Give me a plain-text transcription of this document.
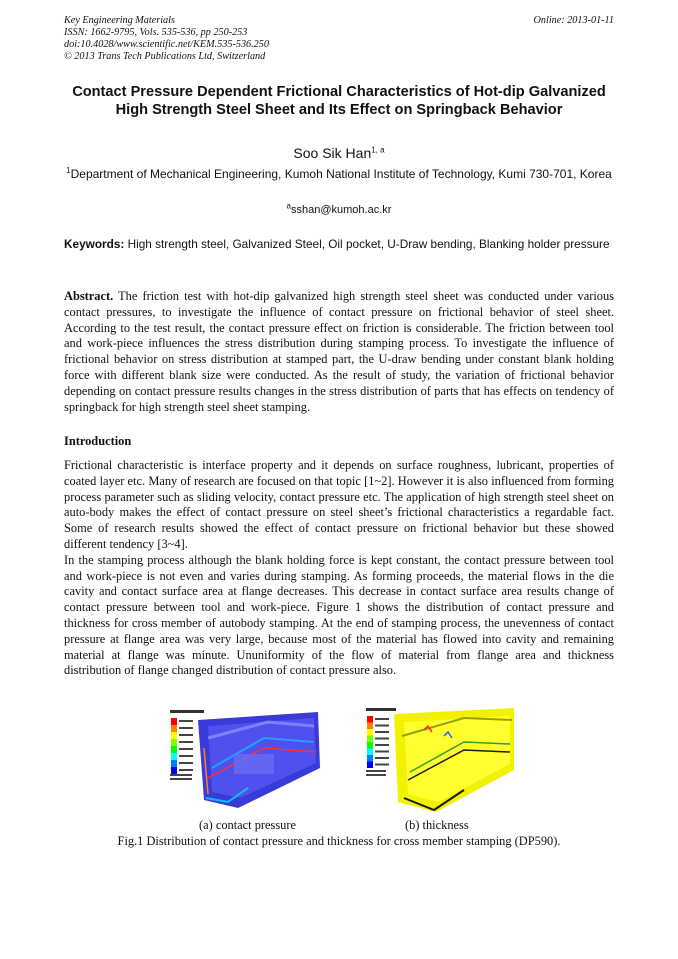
Key Engineering Materials
ISSN: 1662-9795, Vols. 535-536, pp 250-253
doi:10.4028/www.scientific.net/KEM.535-536.250
© 2013 Trans Tech Publications Ltd, Switzerland
Online: 2013-01-11
Contact Pressure Dependent Frictional Characteristics of Hot-dip Galvanized High Strength Steel Sheet and Its Effect on Springback Behavior
Soo Sik Han$^{1, a}$
$^1$Department of Mechanical Engineering, Kumoh National Institute of Technology, Kumi 730-701, Korea
$^a$sshan@kumoh.ac.kr
Keywords: High strength steel, Galvanized Steel, Oil pocket, U-Draw bending, Blanking holder pressure
Abstract. The friction test with hot-dip galvanized high strength steel sheet was conducted under various contact pressures, to investigate the influence of contact pressure on frictional behavior of steel sheet. According to the test result, the contact pressure effect on friction is considerable. The friction between tool and work-piece influences the stress distribution during stamping process. To investigate the influence of frictional behavior on stress distribution at stamped part, the U-draw bending under constant blank holding force with different blank size were conducted. As the result of study, the variation of frictional behavior depending on contact pressure results changes in the stress distribution of parts that has effects on tendency of springback for high strength steel sheet stamping.
Introduction

Frictional characteristic is interface property and it depends on surface roughness, lubricant, properties of coated layer etc. Many of research are focused on that topic [1~2]. However it is also influenced from forming process parameter such as sliding velocity, contact pressure etc. The application of high strength steel sheet on auto-body makes the effect of contact pressure on steel sheet’s frictional characteristics a regardable fact. Some of research results showed the effect of contact pressure on frictional behavior but these showed different tendency [3~4].

In the stamping process although the blank holding force is kept constant, the contact pressure between tool and work-piece is not even and varies during stamping. As forming proceeds, the material flows in the die cavity and contact surface area at flange decreases. This decrease in contact surface area results change of contact pressure between tool and work-piece. Figure 1 shows the distribution of contact pressure and thickness for cross member of autobody stamping. At the end of stamping process, the unevenness of contact pressure at flange area was very large, because most of the material has flowed into cavity and remaining material at flange was minute. Ununiformity of the flow of material from flange area and thickness distribution of flange changed distribution of contact pressure also.

(a) contact pressure	(b) thickness
Fig.1 Distribution of contact pressure and thickness for cross member stamping (DP590).
